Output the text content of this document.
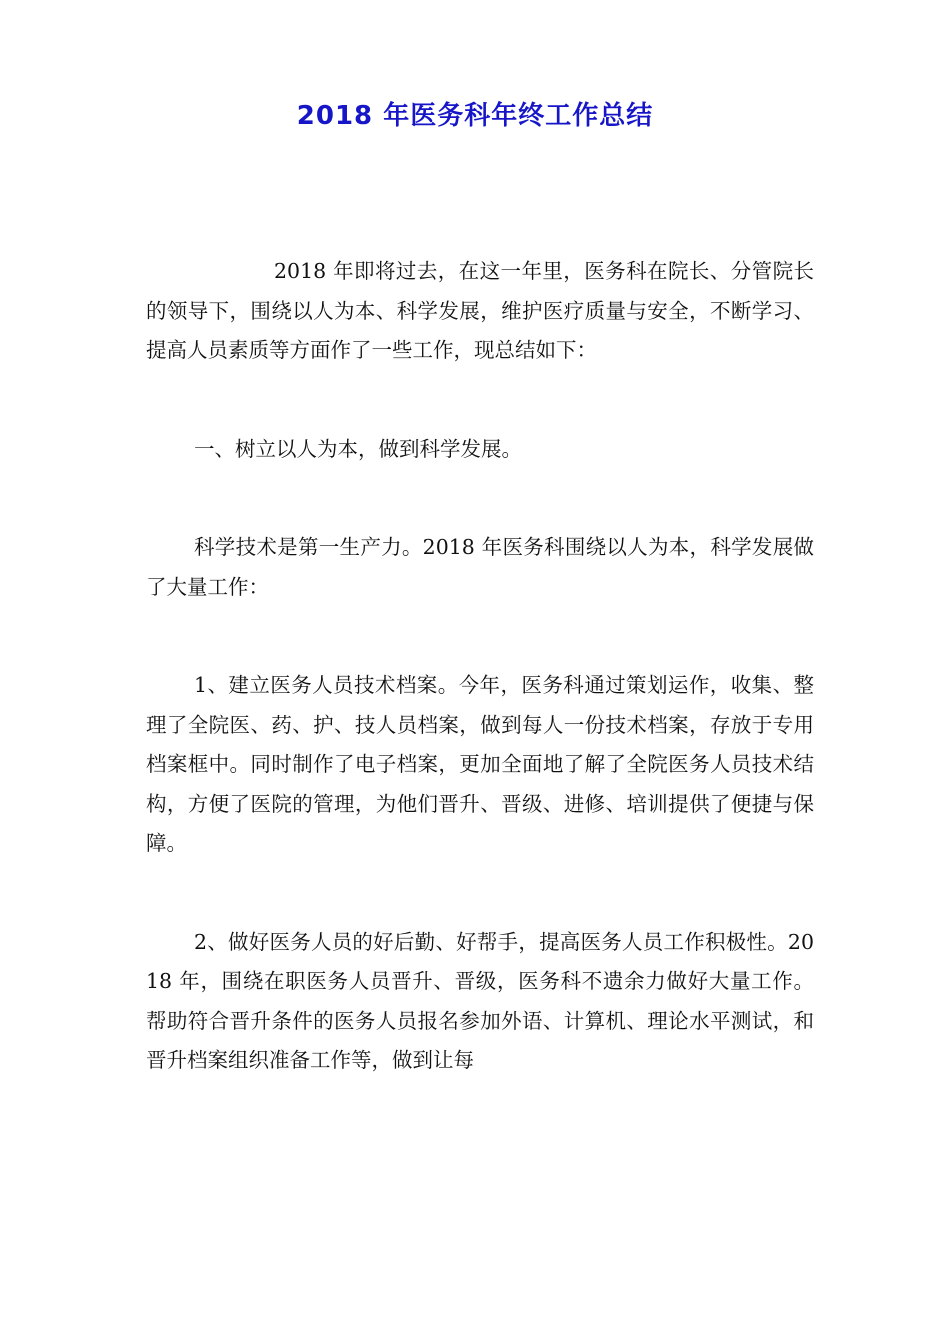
2018 年医务科年终工作总结

2018 年即将过去，在这一年里，医务科在院长、分管院长的领导下，围绕以人为本、科学发展，维护医疗质量与安全，不断学习、提高人员素质等方面作了一些工作，现总结如下：

一、树立以人为本，做到科学发展。

科学技术是第一生产力。2018 年医务科围绕以人为本，科学发展做了大量工作：

1、建立医务人员技术档案。今年，医务科通过策划运作，收集、整理了全院医、药、护、技人员档案，做到每人一份技术档案，存放于专用档案框中。同时制作了电子档案，更加全面地了解了全院医务人员技术结构，方便了医院的管理，为他们晋升、晋级、进修、培训提供了便捷与保障。

2、做好医务人员的好后勤、好帮手，提高医务人员工作积极性。2018 年，围绕在职医务人员晋升、晋级，医务科不遗余力做好大量工作。帮助符合晋升条件的医务人员报名参加外语、计算机、理论水平测试，和晋升档案组织准备工作等，做到让每
